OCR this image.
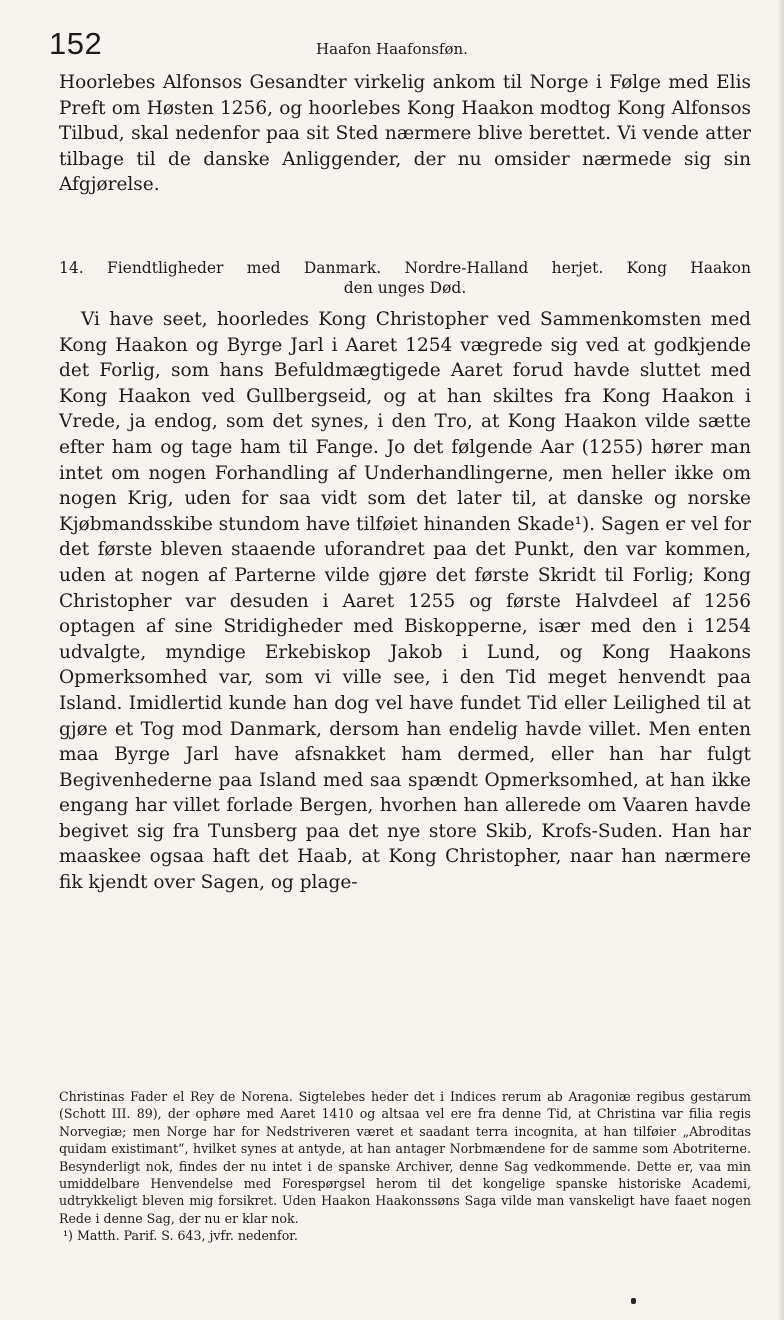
152	Haafon Haafonsføn.

Hoorlebes Alfonsos Gesandter virkelig ankom til Norge i Følge med Elis Preft om Høsten 1256, og hoorlebes Kong Haakon modtog Kong Alfonsos Tilbud, skal nedenfor paa sit Sted nærmere blive berettet. Vi vende atter tilbage til de danske Anliggender, der nu omsider nærmede sig sin Afgjørelse.

14. Fiendtligheder med Danmark. Nordre-Halland herjet. Kong Haakon
den unges Død.

Vi have seet, hoorledes Kong Christopher ved Sammenkomsten med Kong Haakon og Byrge Jarl i Aaret 1254 vægrede sig ved at godkjende det Forlig, som hans Befuldmægtigede Aaret forud havde sluttet med Kong Haakon ved Gullbergseid, og at han skiltes fra Kong Haakon i Vrede, ja endog, som det synes, i den Tro, at Kong Haakon vilde sætte efter ham og tage ham til Fange. Jo det følgende Aar (1255) hører man intet om nogen Forhandling af Underhandlingerne, men heller ikke om nogen Krig, uden for saa vidt som det later til, at danske og norske Kjøbmandsskibe stundom have tilføiet hinanden Skade¹). Sagen er vel for det første bleven staaende uforandret paa det Punkt, den var kommen, uden at nogen af Parterne vilde gjøre det første Skridt til Forlig; Kong Christopher var desuden i Aaret 1255 og første Halvdeel af 1256 optagen af sine Stridigheder med Biskopperne, især med den i 1254 udvalgte, myndige Erkebiskop Jakob i Lund, og Kong Haakons Opmerksomhed var, som vi ville see, i den Tid meget henvendt paa Island. Imidlertid kunde han dog vel have fundet Tid eller Leilighed til at gjøre et Tog mod Danmark, dersom han endelig havde villet. Men enten maa Byrge Jarl have afsnakket ham dermed, eller han har fulgt Begivenhederne paa Island med saa spændt Opmerksomhed, at han ikke engang har villet forlade Bergen, hvorhen han allerede om Vaaren havde begivet sig fra Tunsberg paa det nye store Skib, Krofs-Suden. Han har maaskee ogsaa haft det Haab, at Kong Christopher, naar han nærmere fik kjendt over Sagen, og plage-

Christinas Fader el Rey de Norena. Sigtelebes heder det i Indices rerum ab Aragoniæ regibus gestarum (Schott III. 89), der ophøre med Aaret 1410 og altsaa vel ere fra denne Tid, at Christina var filia regis Norvegiæ; men Norge har for Nedstriveren været et saadant terra incognita, at han tilføier „Abroditas quidam existimant“, hvilket synes at antyde, at han antager Norbmændene for de samme som Abotriterne. Besynderligt nok, findes der nu intet i de spanske Archiver, denne Sag vedkommende. Dette er, vaa min umiddelbare Henvendelse med Forespørgsel herom til det kongelige spanske historiske Academi, udtrykkeligt bleven mig forsikret. Uden Haakon Haakonssøns Saga vilde man vanskeligt have faaet nogen Rede i denne Sag, der nu er klar nok.

¹) Matth. Parif. S. 643, jvfr. nedenfor.
